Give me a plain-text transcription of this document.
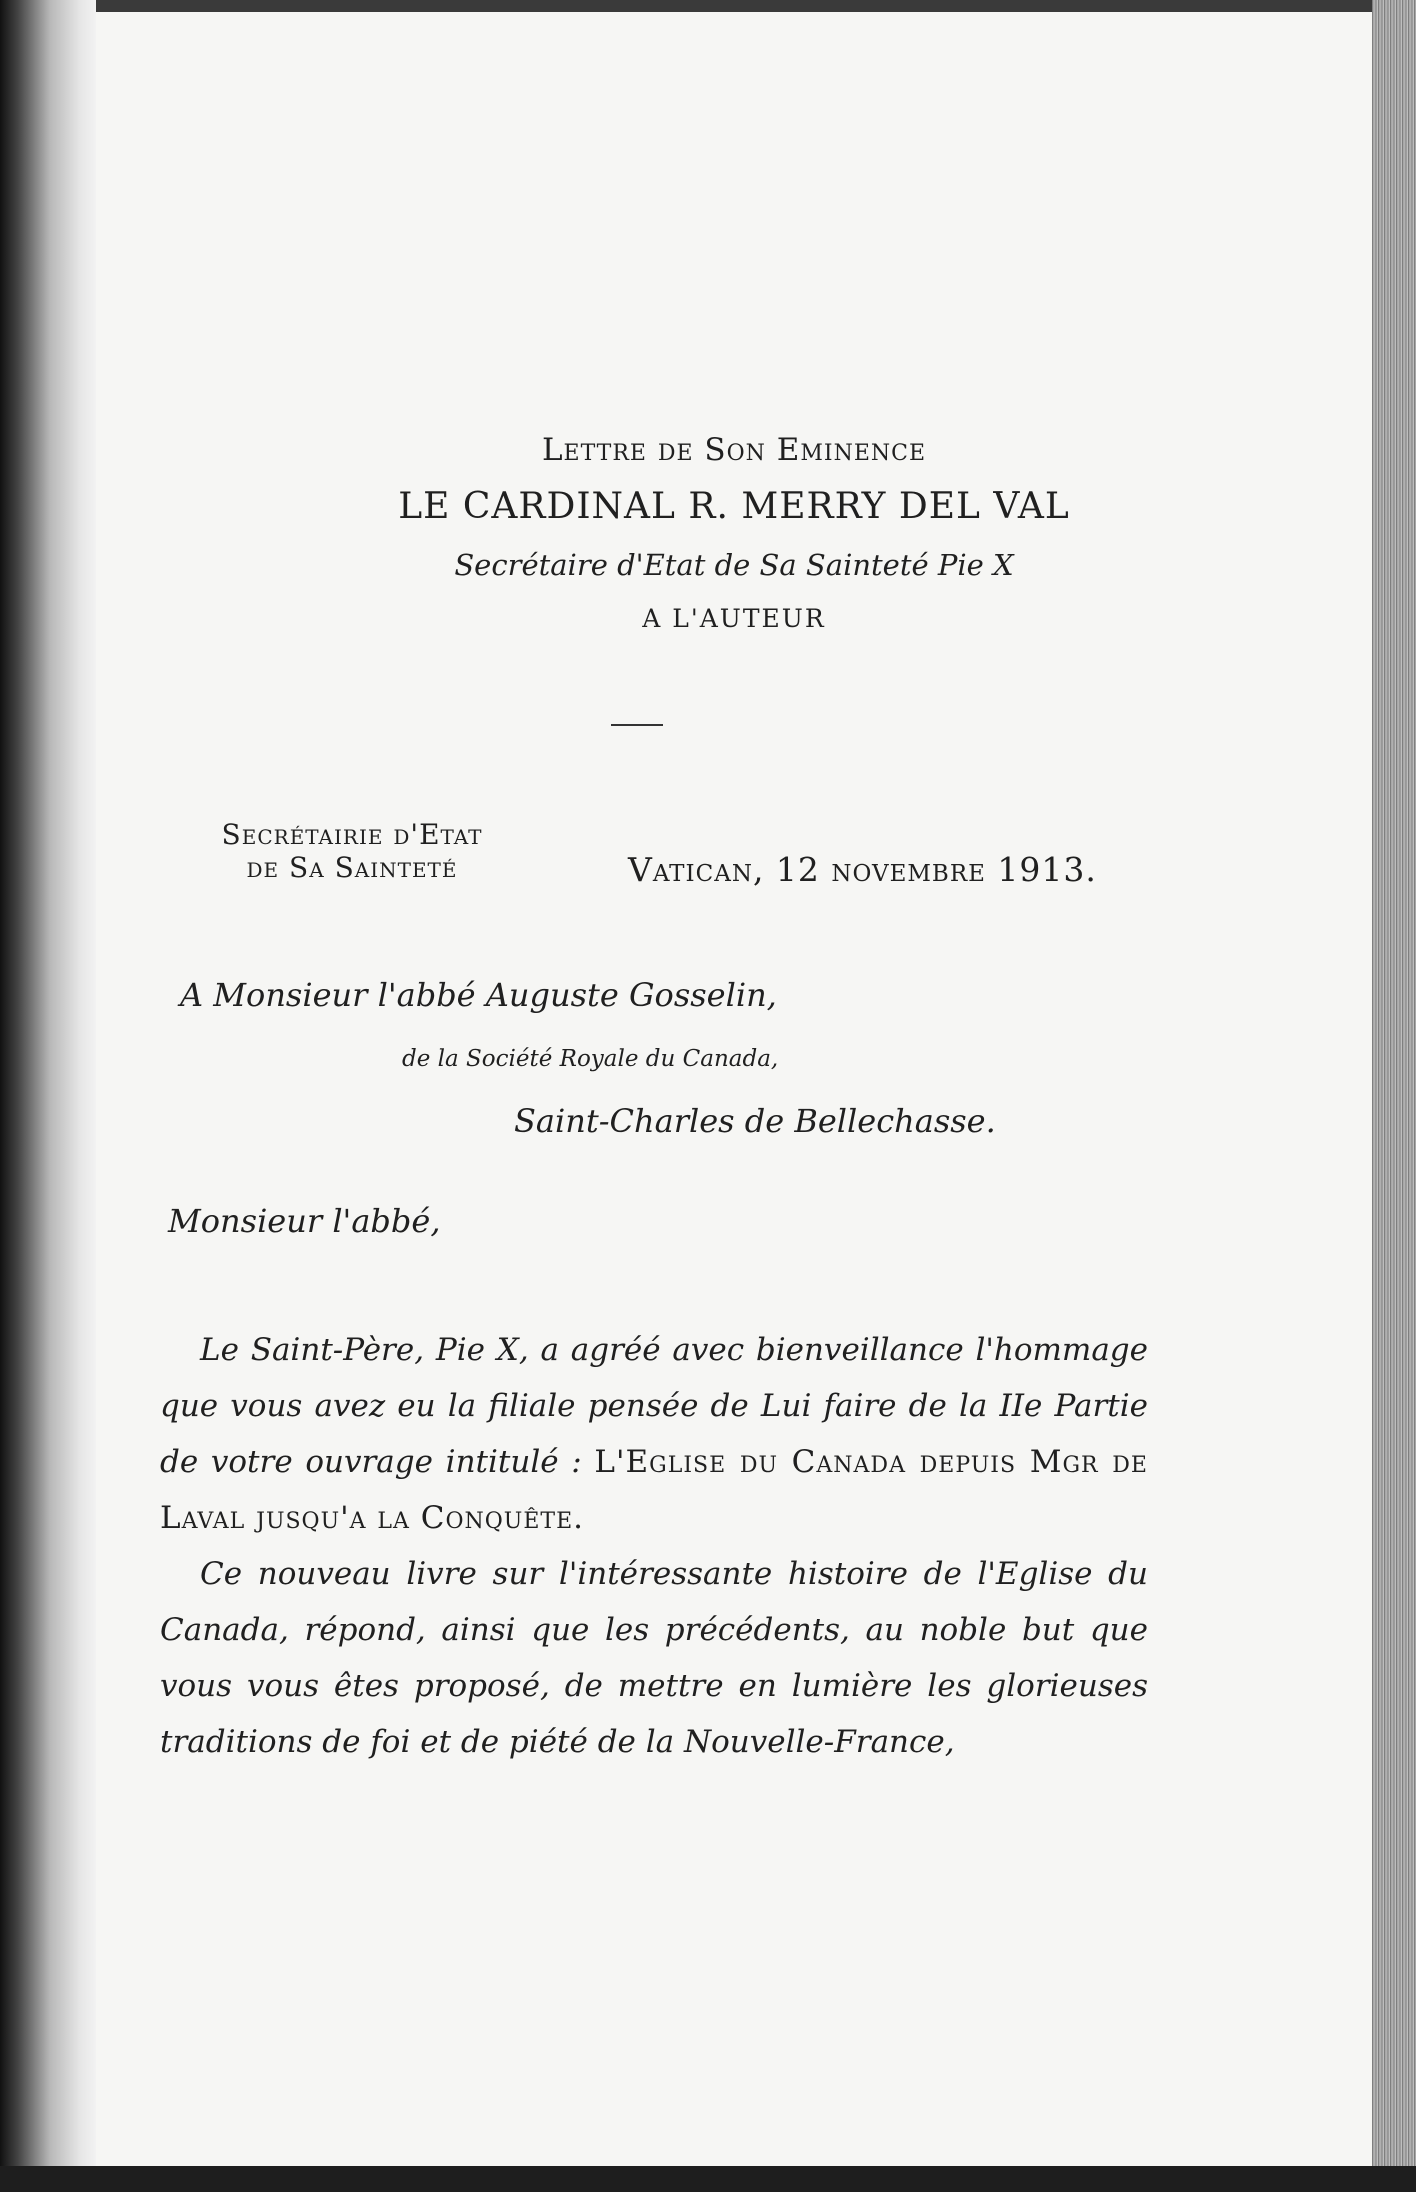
Lettre de Son Eminence
LE CARDINAL R. MERRY DEL VAL
Secrétaire d'Etat de Sa Sainteté Pie X
A L'AUTEUR
Secrétairie d'Etat
de Sa Sainteté	Vatican, 12 novembre 1913.
A Monsieur l'abbé Auguste Gosselin,
de la Société Royale du Canada,
Saint-Charles de Bellechasse.
Monsieur l'abbé,

Le Saint-Père, Pie X, a agréé avec bienveillance l'hommage que vous avez eu la filiale pensée de Lui faire de la IIe Partie de votre ouvrage intitulé : L'Eglise du Canada depuis Mgr de Laval jusqu'a la Conquête.

Ce nouveau livre sur l'intéressante histoire de l'Eglise du Canada, répond, ainsi que les précédents, au noble but que vous vous êtes proposé, de mettre en lumière les glorieuses traditions de foi et de piété de la Nouvelle-France,
